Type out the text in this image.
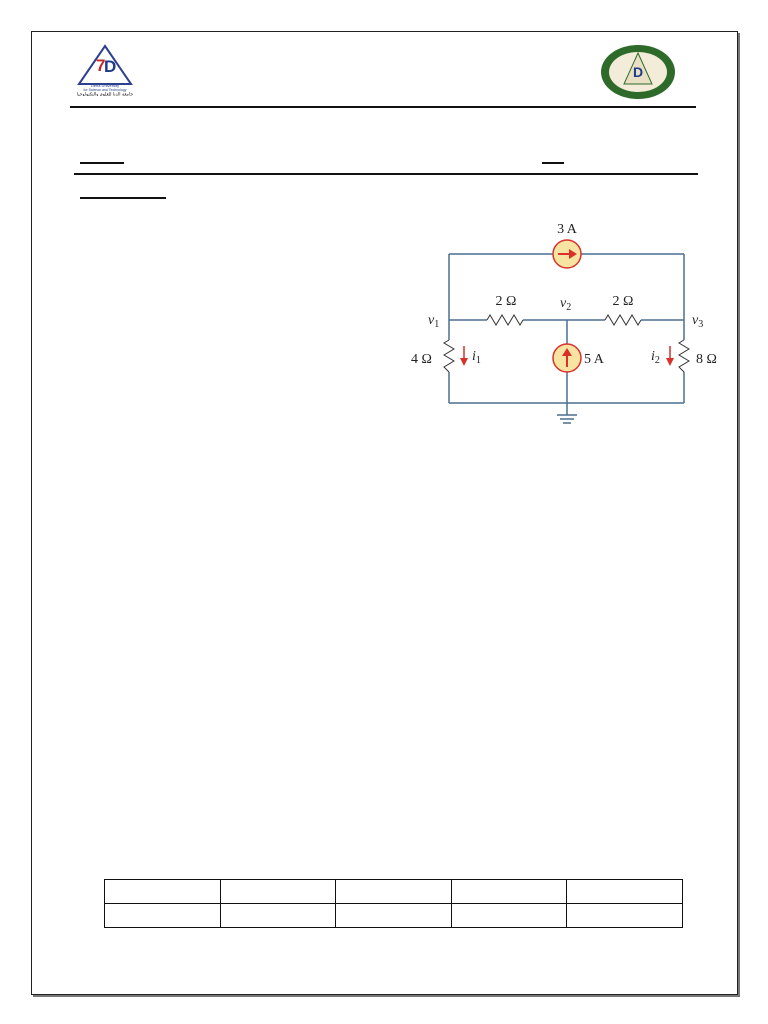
7
D
Dena University
for Science and Technology
جامعة الدنا للعلوم والتكنولوجيا
D
3 A
5 A
2 Ω	2 Ω
4 Ω	8 Ω
$v_1$
$v_2$
$v_3$
$i_1$	$i_2$
